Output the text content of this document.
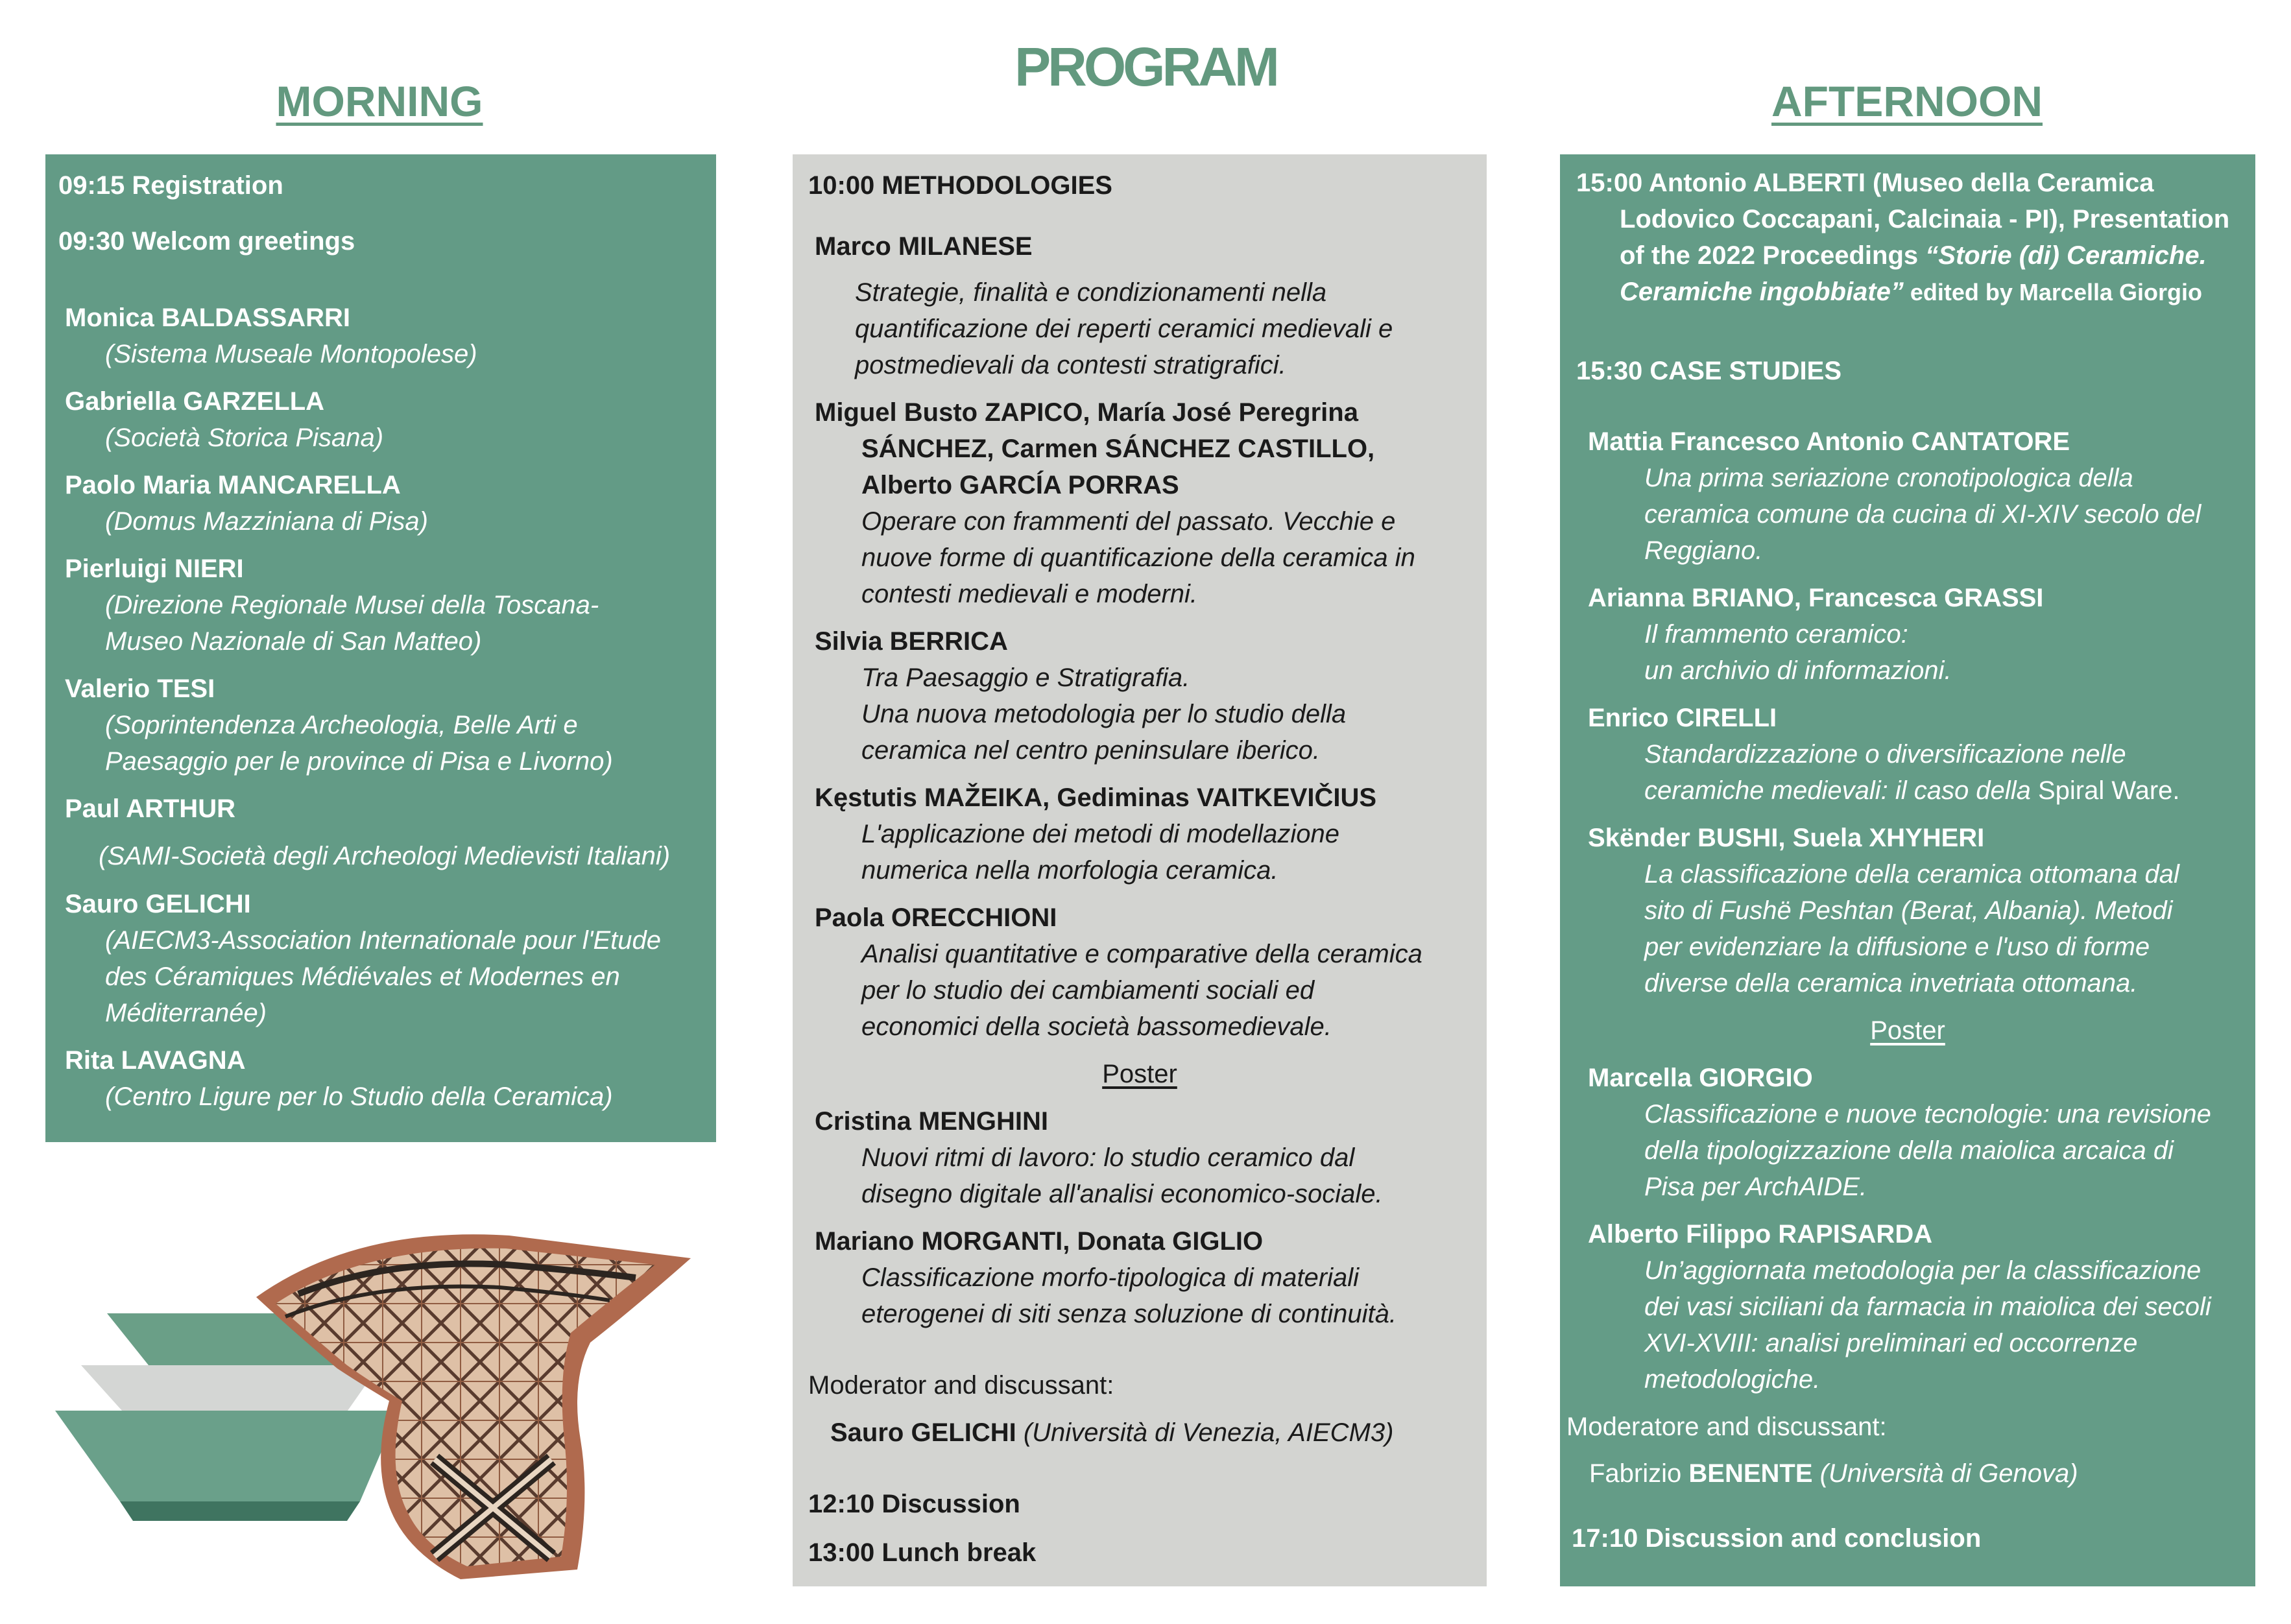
PROGRAM
MORNING	AFTERNOON

09:15 Registration

09:30 Welcom greetings

Monica BALDASSARRI

(Sistema Museale Montopolese)

Gabriella GARZELLA

(Società Storica Pisana)

Paolo Maria MANCARELLA

(Domus Mazziniana di Pisa)

Pierluigi NIERI

(Direzione Regionale Musei della Toscana-

Museo Nazionale di San Matteo)

Valerio TESI

(Soprintendenza Archeologia, Belle Arti e

Paesaggio per le province di Pisa e Livorno)

Paul ARTHUR

(SAMI-Società degli Archeologi Medievisti Italiani)

Sauro GELICHI

(AIECM3-Association Internationale pour l'Etude

des Céramiques Médiévales et Modernes en

Méditerranée)

Rita LAVAGNA

(Centro Ligure per lo Studio della Ceramica)

10:00 METHODOLOGIES

Marco MILANESE

Strategie, finalità e condizionamenti nella

quantificazione dei reperti ceramici medievali e

postmedievali da contesti stratigrafici.

Miguel Busto ZAPICO, María José Peregrina

SÁNCHEZ, Carmen SÁNCHEZ CASTILLO,

Alberto GARCÍA PORRAS

Operare con frammenti del passato. Vecchie e

nuove forme di quantificazione della ceramica in

contesti medievali e moderni.

Silvia BERRICA

Tra Paesaggio e Stratigrafia.

Una nuova metodologia per lo studio della

ceramica nel centro peninsulare iberico.

Kęstutis MAŽEIKA, Gediminas VAITKEVIČIUS

L'applicazione dei metodi di modellazione

numerica nella morfologia ceramica.

Paola ORECCHIONI

Analisi quantitative e comparative della ceramica

per lo studio dei cambiamenti sociali ed

economici della società bassomedievale.

Poster

Cristina MENGHINI

Nuovi ritmi di lavoro: lo studio ceramico dal

disegno digitale all'analisi economico-sociale.

Mariano MORGANTI, Donata GIGLIO

Classificazione morfo-tipologica di materiali

eterogenei di siti senza soluzione di continuità.

Moderator and discussant:

Sauro GELICHI (Università di Venezia, AIECM3)

12:10 Discussion

13:00 Lunch break

15:00 Antonio ALBERTI (Museo della Ceramica

Lodovico Coccapani, Calcinaia - PI), Presentation

of the 2022 Proceedings “Storie (di) Ceramiche.

Ceramiche ingobbiate” edited by Marcella Giorgio

15:30 CASE STUDIES

Mattia Francesco Antonio CANTATORE

Una prima seriazione cronotipologica della

ceramica comune da cucina di XI-XIV secolo del

Reggiano.

Arianna BRIANO, Francesca GRASSI

Il frammento ceramico:

un archivio di informazioni.

Enrico CIRELLI

Standardizzazione o diversificazione nelle

ceramiche medievali: il caso della Spiral Ware.

Skënder BUSHI, Suela XHYHERI

La classificazione della ceramica ottomana dal

sito di Fushë Peshtan (Berat, Albania). Metodi

per evidenziare la diffusione e l'uso di forme

diverse della ceramica invetriata ottomana.

Poster

Marcella GIORGIO

Classificazione e nuove tecnologie: una revisione

della tipologizzazione della maiolica arcaica di

Pisa per ArchAIDE.

Alberto Filippo RAPISARDA

Un’aggiornata metodologia per la classificazione

dei vasi siciliani da farmacia in maiolica dei secoli

XVI-XVIII: analisi preliminari ed occorrenze

metodologiche.

Moderatore and discussant:

Fabrizio BENENTE (Università di Genova)

17:10 Discussion and conclusion
